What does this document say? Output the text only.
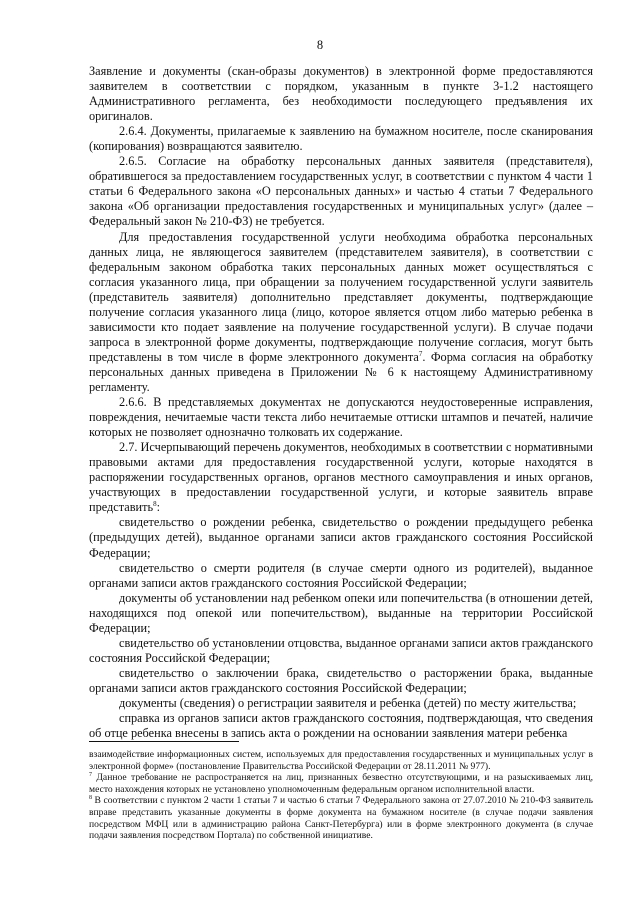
8

Заявление и документы (скан-образы документов) в электронной форме предоставляются заявителем в соответствии с порядком, указанным в пункте 3-1.2 настоящего Административного регламента, без необходимости последующего предъявления их оригиналов.

2.6.4. Документы, прилагаемые к заявлению на бумажном носителе, после сканирования (копирования) возвращаются заявителю.

2.6.5. Согласие на обработку персональных данных заявителя (представителя), обратившегося за предоставлением государственных услуг, в соответствии с пунктом 4 части 1 статьи 6 Федерального закона «О персональных данных» и частью 4 статьи 7 Федерального закона «Об организации предоставления государственных и муниципальных услуг» (далее – Федеральный закон № 210-ФЗ) не требуется.

Для предоставления государственной услуги необходима обработка персональных данных лица, не являющегося заявителем (представителем заявителя), в соответствии с федеральным законом обработка таких персональных данных может осуществляться с согласия указанного лица, при обращении за получением государственной услуги заявитель (представитель заявителя) дополнительно представляет документы, подтверждающие получение согласия указанного лица (лицо, которое является отцом либо матерью ребенка в зависимости кто подает заявление на получение государственной услуги). В случае подачи запроса в электронной форме документы, подтверждающие получение согласия, могут быть представлены в том числе в форме электронного документа$^7$. Форма согласия на обработку персональных данных приведена в Приложении № 6 к настоящему Административному регламенту.

2.6.6. В представляемых документах не допускаются неудостоверенные исправления, повреждения, нечитаемые части текста либо нечитаемые оттиски штампов и печатей, наличие которых не позволяет однозначно толковать их содержание.

2.7. Исчерпывающий перечень документов, необходимых в соответствии с нормативными правовыми актами для предоставления государственной услуги, которые находятся в распоряжении государственных органов, органов местного самоуправления и иных органов, участвующих в предоставлении государственной услуги, и которые заявитель вправе представить$^8$:

свидетельство о рождении ребенка, свидетельство о рождении предыдущего ребенка (предыдущих детей), выданное органами записи актов гражданского состояния Российской Федерации;

свидетельство о смерти родителя (в случае смерти одного из родителей), выданное органами записи актов гражданского состояния Российской Федерации;

документы об установлении над ребенком опеки или попечительства (в отношении детей, находящихся под опекой или попечительством), выданные на территории Российской Федерации;

свидетельство об установлении отцовства, выданное органами записи актов гражданского состояния Российской Федерации;

свидетельство о заключении брака, свидетельство о расторжении брака, выданные органами записи актов гражданского состояния Российской Федерации;

документы (сведения) о регистрации заявителя и ребенка (детей) по месту жительства;

справка из органов записи актов гражданского состояния, подтверждающая, что сведения об отце ребенка внесены в запись акта о рождении на основании заявления матери ребенка

взаимодействие информационных систем, используемых для предоставления государственных и муниципальных услуг в электронной форме» (постановление Правительства Российской Федерации от 28.11.2011 № 977).

$^7$ Данное требование не распространяется на лиц, признанных безвестно отсутствующими, и на разыскиваемых лиц, место нахождения которых не установлено уполномоченным федеральным органом исполнительной власти.

$^8$ В соответствии с пунктом 2 части 1 статьи 7 и частью 6 статьи 7 Федерального закона от 27.07.2010 № 210-ФЗ заявитель вправе представить указанные документы в форме документа на бумажном носителе (в случае подачи заявления посредством МФЦ или в администрацию района Санкт-Петербурга) или в форме электронного документа (в случае подачи заявления посредством Портала) по собственной инициативе.
